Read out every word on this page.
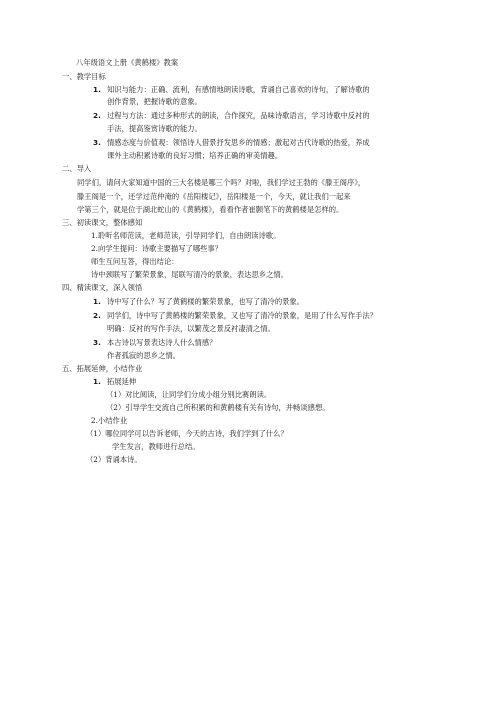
八年级语文上册《黄鹤楼》教案
一、教学目标
1. 知识与能力：正确、流利，有感情地朗读诗歌，背诵自己喜欢的诗句，了解诗歌的
创作背景，把握诗歌的意象。
2. 过程与方法：通过多种形式的朗读，合作探究，品味诗歌语言，学习诗歌中反衬的
手法，提高鉴赏诗歌的能力。
3. 情感态度与价值观：领悟诗人借景抒发思乡的情感；激起对古代诗歌的热爱，养成
课外主动积累诗歌的良好习惯；培养正确的审美情趣。
二、导入
同学们，请问大家知道中国的三大名楼是哪三个吗？对啦，我们学过王勃的《滕王阁序》，
滕王阁是一个，还学过范仲淹的《岳阳楼记》，岳阳楼是一个，今天，就让我们一起来
学第三个，就是位于湖北蛇山的《黄鹤楼》，看看作者崔颢笔下的黄鹤楼是怎样的。
三、初读课文，整体感知
1.聆听名师范读，老师范读，引导同学们，自由朗读诗歌。
2.向学生提问：诗歌主要描写了哪些事？
师生互问互答，得出结论：
诗中颈联写了繁荣景象，尾联写清冷的景象，表达思乡之情。
四、精读课文，深入领悟
1. 诗中写了什么？写了黄鹤楼的繁荣景象，也写了清冷的景象。
2. 同学们，诗中写了黄鹤楼的繁荣景象，又也写了清冷的景象，是用了什么写作手法？
明确：反衬的写作手法，以繁茂之景反衬凄清之情。
3. 本古诗以写景表达诗人什么情感？
作者孤寂的思乡之情。
五、拓展延伸，小结作业
1. 拓展延伸
（1）对比阅读，让同学们分成小组分别比赛朗读。
（2）引导学生交流自己所积累的和黄鹤楼有关有诗句，并畅谈感想。
2.小结作业
（1）哪位同学可以告诉老师，今天的古诗，我们学到了什么？
学生发言，教师进行总结。
（2）背诵本诗。
